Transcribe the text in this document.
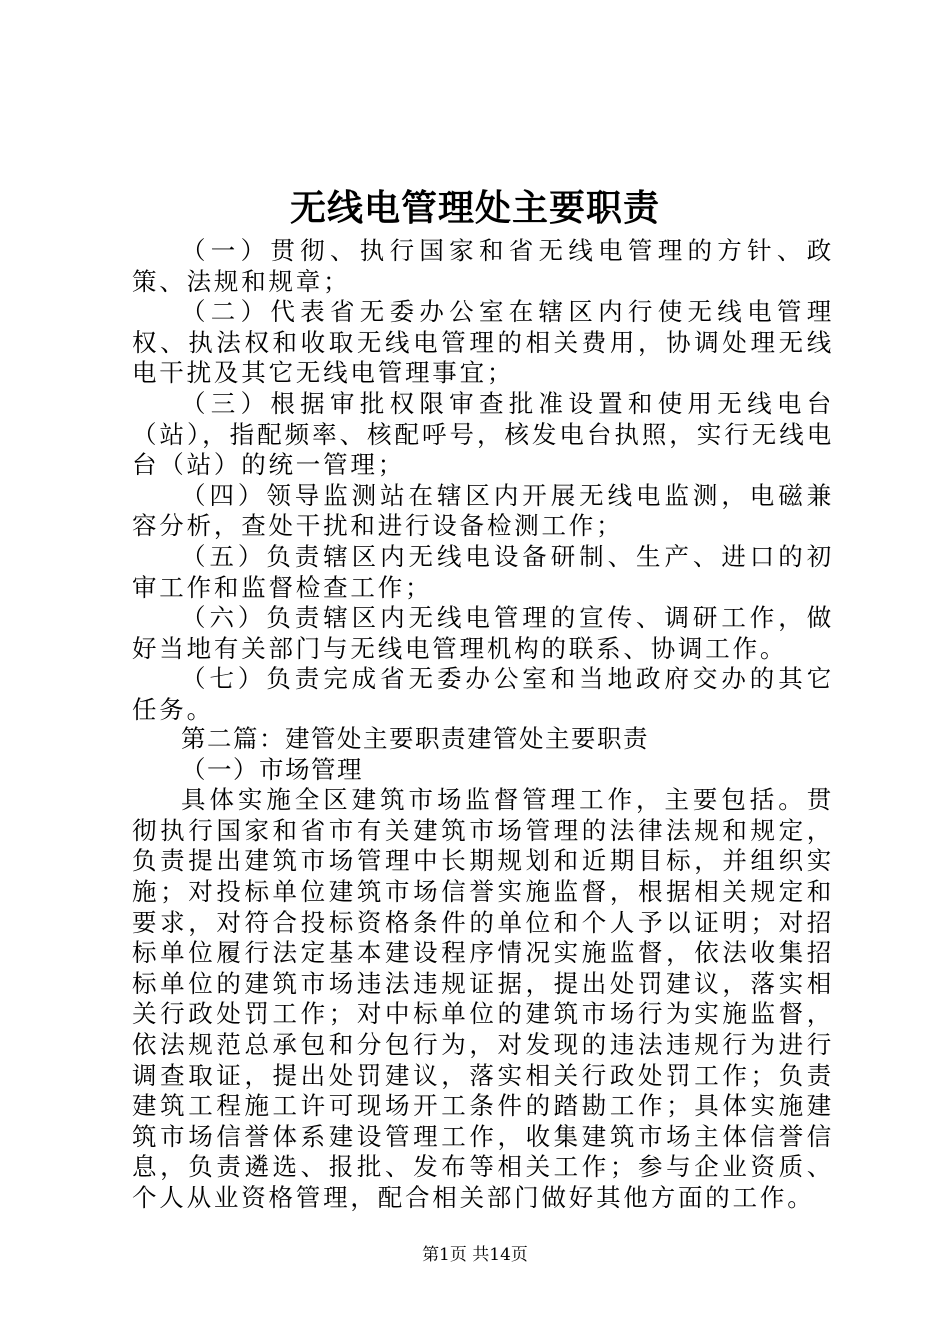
无线电管理处主要职责

（一）贯彻、执行国家和省无线电管理的方针、政策、法规和规章；

（二）代表省无委办公室在辖区内行使无线电管理权、执法权和收取无线电管理的相关费用，协调处理无线电干扰及其它无线电管理事宜；

（三）根据审批权限审查批准设置和使用无线电台（站），指配频率、核配呼号，核发电台执照，实行无线电台（站）的统一管理；

（四）领导监测站在辖区内开展无线电监测，电磁兼容分析，查处干扰和进行设备检测工作；

（五）负责辖区内无线电设备研制、生产、进口的初审工作和监督检查工作；

（六）负责辖区内无线电管理的宣传、调研工作，做好当地有关部门与无线电管理机构的联系、协调工作。

（七）负责完成省无委办公室和当地政府交办的其它任务。

第二篇：建管处主要职责建管处主要职责

（一）市场管理

具体实施全区建筑市场监督管理工作，主要包括。贯彻执行国家和省市有关建筑市场管理的法律法规和规定，负责提出建筑市场管理中长期规划和近期目标，并组织实施；对投标单位建筑市场信誉实施监督，根据相关规定和要求，对符合投标资格条件的单位和个人予以证明；对招标单位履行法定基本建设程序情况实施监督，依法收集招标单位的建筑市场违法违规证据，提出处罚建议，落实相关行政处罚工作；对中标单位的建筑市场行为实施监督，依法规范总承包和分包行为，对发现的违法违规行为进行调查取证，提出处罚建议，落实相关行政处罚工作；负责建筑工程施工许可现场开工条件的踏勘工作；具体实施建筑市场信誉体系建设管理工作，收集建筑市场主体信誉信息，负责遴选、报批、发布等相关工作；参与企业资质、个人从业资格管理，配合相关部门做好其他方面的工作。

第1页 共14页
